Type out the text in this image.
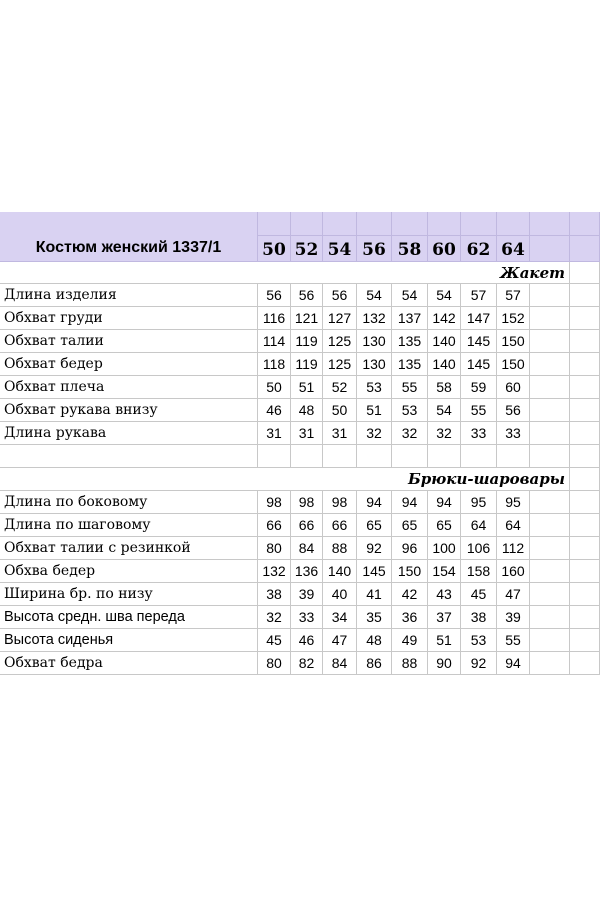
Костюм женский 1337/1	50 52 54 56 58 60 62 64
Жакет
Длина изделия	56	56	56	54	54	54	57	57
Обхват груди	116 121 127 132 137 142 147 152
Обхват талии	114 119 125 130 135 140 145 150
Обхват бедер	118 119 125 130 135 140 145 150
Обхват плеча	50	51	52	53	55	58	59	60
Обхват рукава внизу	46	48	50	51	53	54	55	56
Длина рукава	31	31	31	32	32	32	33	33
Брюки-шаровары
Длина по боковому	98	98	98	94	94	94	95	95
Длина по шаговому	66	66	66	65	65	65	64	64
Обхват талии с резинкой	80	84	88	92	96	100 106 112
Обхва бедер	132 136 140 145 150 154 158 160
Ширина бр. по низу	38	39	40	41	42	43	45	47
Высота средн. шва переда	32	33	34	35	36	37	38	39
Высота сиденья	45	46	47	48	49	51	53	55
Обхват бедра	80	82	84	86	88	90	92	94
